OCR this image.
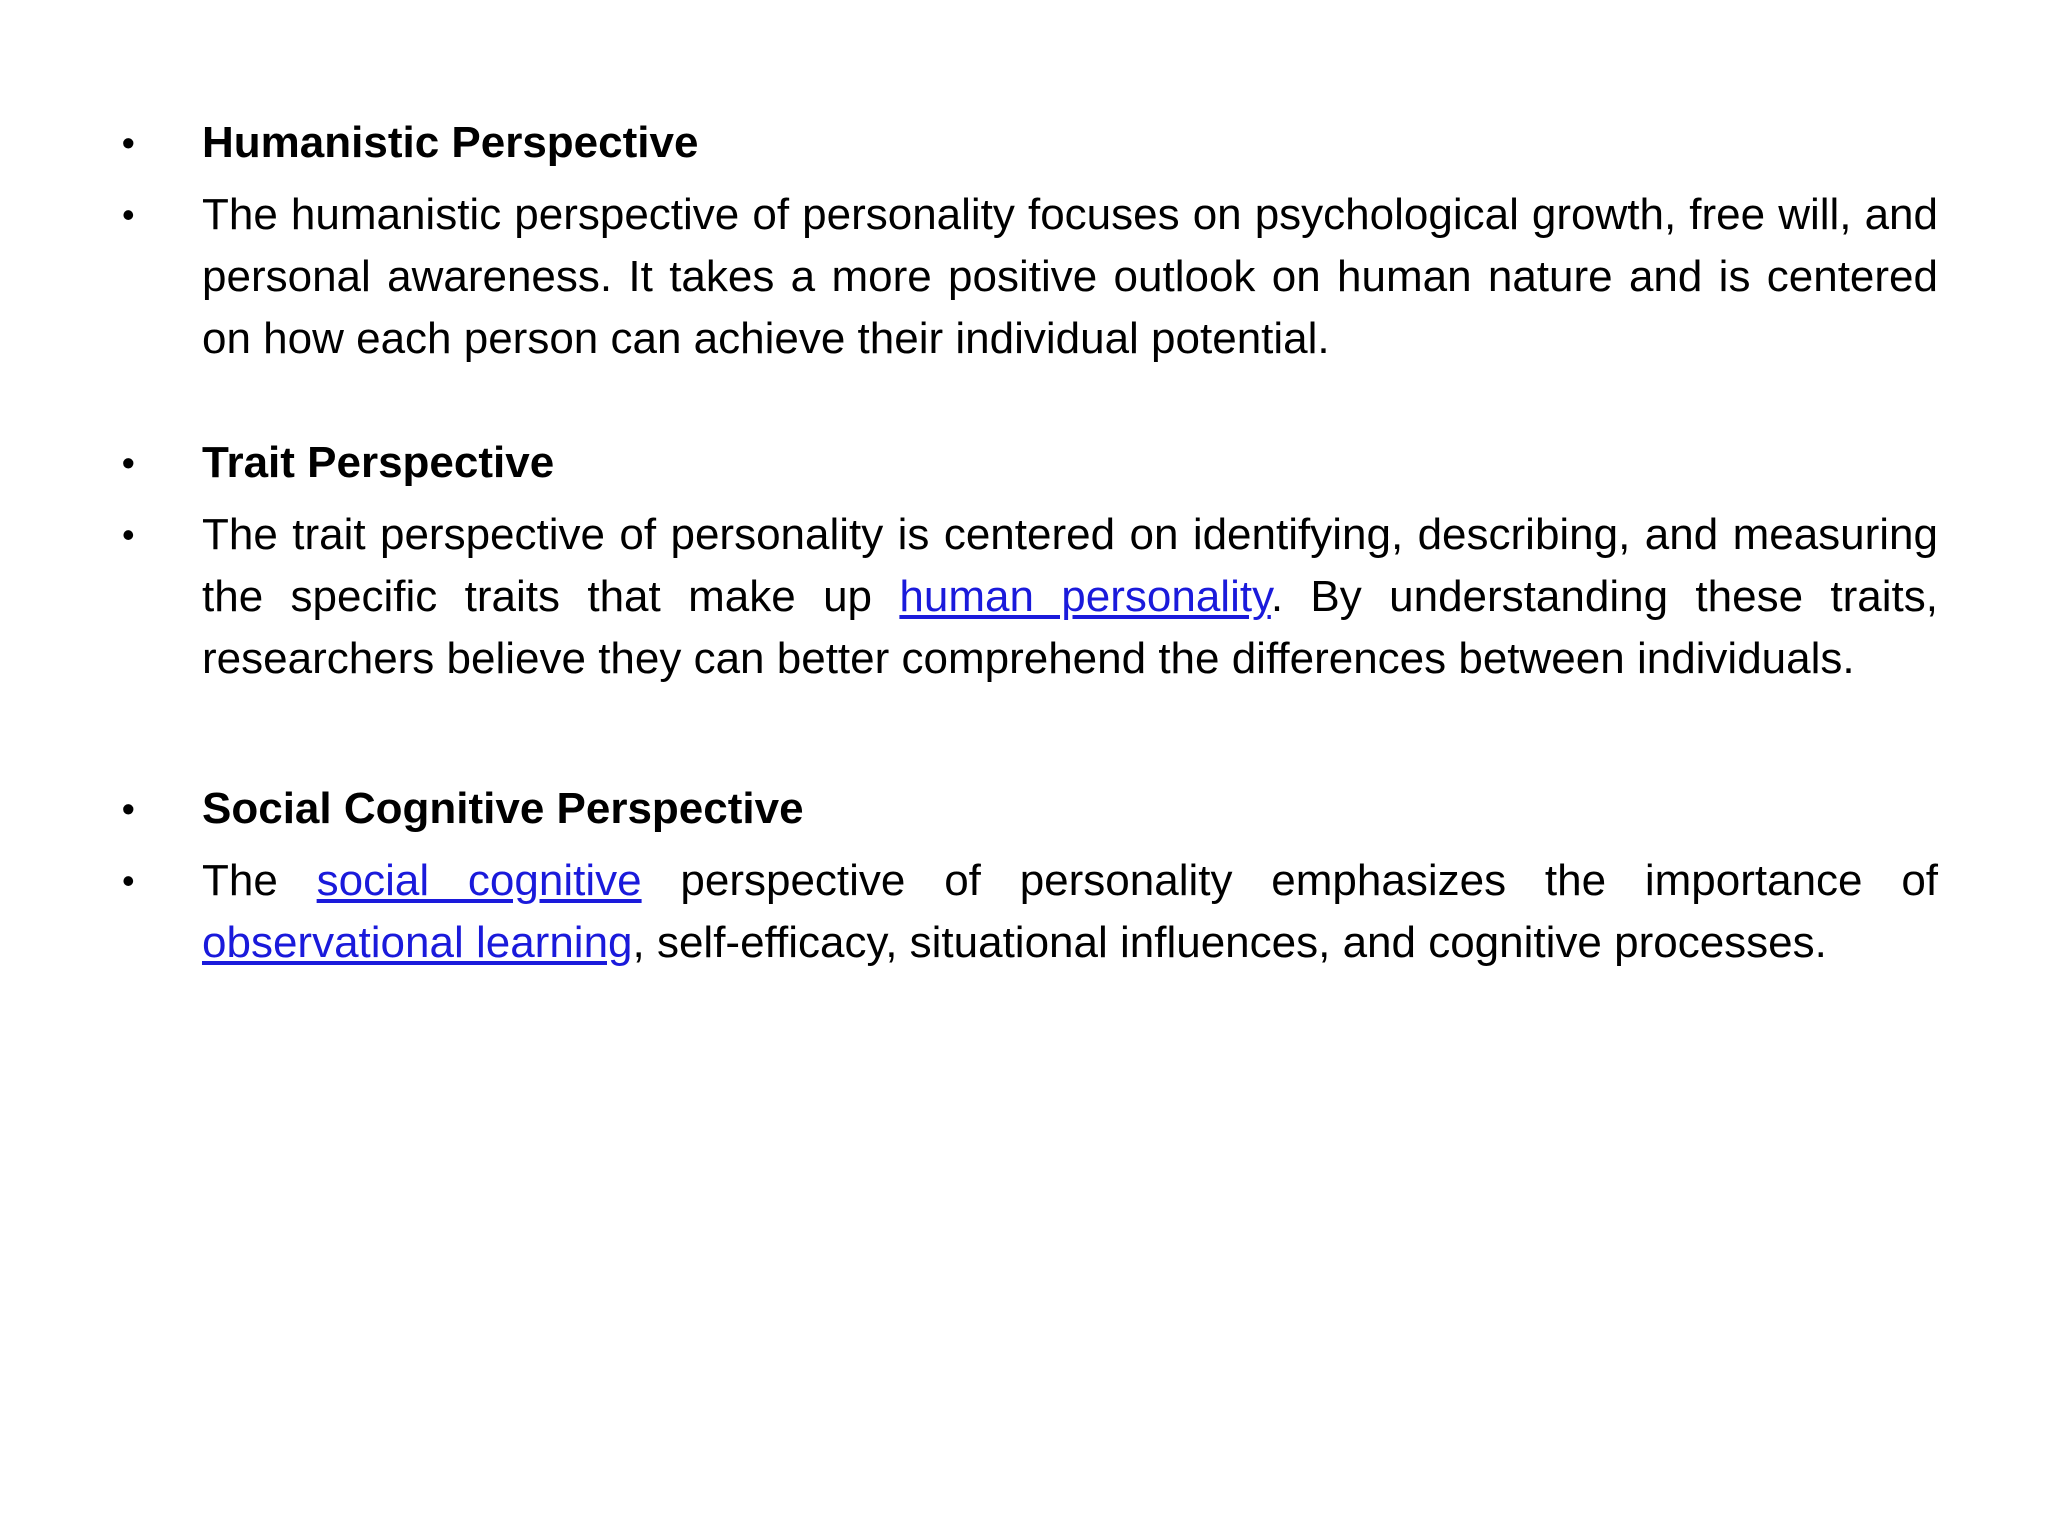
• Humanistic Perspective
• The humanistic perspective of personality focuses on psychological growth, free will, and personal awareness. It takes a more positive outlook on human nature and is centered on how each person can achieve their individual potential.
• Trait Perspective
• The trait perspective of personality is centered on identifying, describing, and measuring the specific traits that make up human personality. By understanding these traits, researchers believe they can better comprehend the differences between individuals.
• Social Cognitive Perspective
• The social cognitive perspective of personality emphasizes the importance of observational learning, self-efficacy, situational influences, and cognitive processes.
